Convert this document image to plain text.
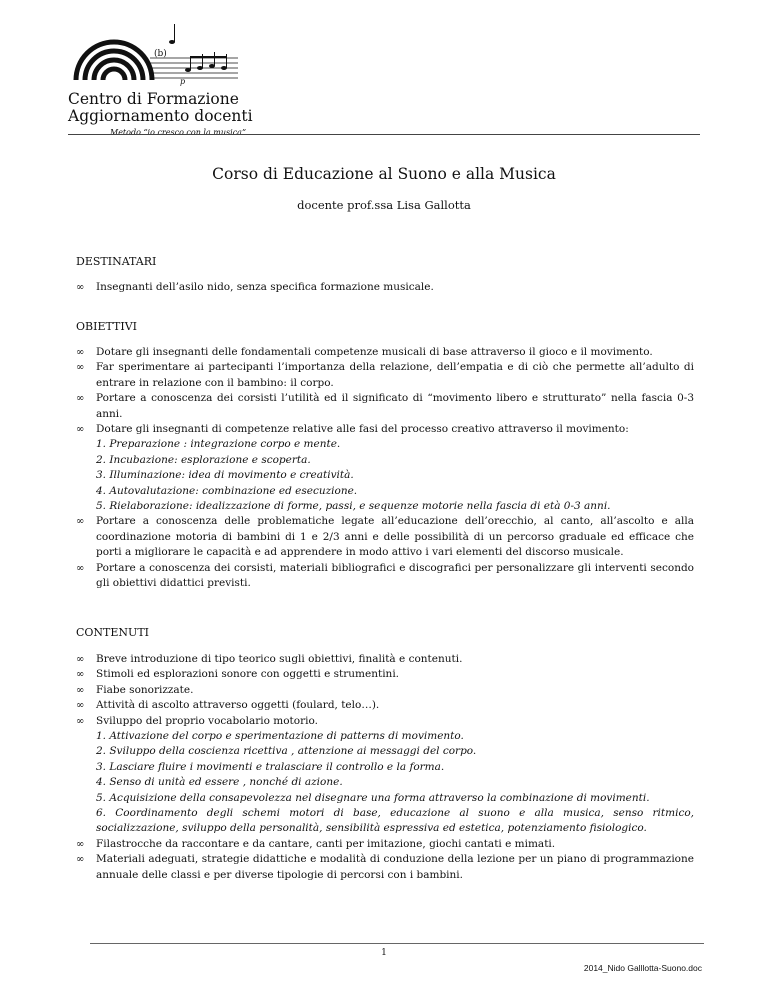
(b)
p
Centro di Formazione
Aggiornamento docenti
Metodo “io cresco con la musica”
Corso di Educazione al Suono e alla Musica
docente prof.ssa Lisa Gallotta
DESTINATARI
∞ Insegnanti dell’asilo nido, senza specifica formazione musicale.
OBIETTIVI
∞ Dotare gli insegnanti delle fondamentali competenze musicali di base attraverso il gioco e il movimento.
∞ Far sperimentare ai partecipanti l’importanza della relazione, dell’empatia e di ciò che permette all’adulto di entrare in relazione con il bambino: il corpo.
∞ Portare a conoscenza dei corsisti l’utilità ed il significato di “movimento libero e strutturato” nella fascia 0-3 anni.
∞ Dotare gli insegnanti di competenze relative alle fasi del processo creativo attraverso il movimento:
1. Preparazione : integrazione corpo e mente.
2. Incubazione: esplorazione e scoperta.
3. Illuminazione: idea di movimento e creatività.
4. Autovalutazione: combinazione ed esecuzione.
5. Rielaborazione: idealizzazione di forme, passi, e sequenze motorie nella fascia di età 0-3 anni.
∞ Portare a conoscenza delle problematiche legate all’educazione dell’orecchio, al canto, all’ascolto e alla coordinazione motoria di bambini di 1 e 2/3 anni e delle possibilità di un percorso graduale ed efficace che porti a migliorare le capacità e ad apprendere in modo attivo i vari elementi del discorso musicale.
∞ Portare a conoscenza dei corsisti, materiali bibliografici e discografici per personalizzare gli interventi secondo gli obiettivi didattici previsti.
CONTENUTI
∞ Breve introduzione di tipo teorico sugli obiettivi, finalità e contenuti.
∞ Stimoli ed esplorazioni sonore con oggetti e strumentini.
∞ Fiabe sonorizzate.
∞ Attività di ascolto attraverso oggetti (foulard, telo…).
∞ Sviluppo del proprio vocabolario motorio.
1. Attivazione del corpo e sperimentazione di patterns di movimento.
2. Sviluppo della coscienza ricettiva , attenzione ai messaggi del corpo.
3. Lasciare fluire i movimenti e tralasciare il controllo e la forma.
4. Senso di unità ed essere , nonché di azione.
5. Acquisizione della consapevolezza nel disegnare una forma attraverso la combinazione di movimenti.
6. Coordinamento degli schemi motori di base, educazione al suono e alla musica, senso ritmico, socializzazione, sviluppo della personalità, sensibilità espressiva ed estetica, potenziamento fisiologico.
∞ Filastrocche da raccontare e da cantare, canti per imitazione, giochi cantati e mimati.
∞ Materiali adeguati, strategie didattiche e modalità di conduzione della lezione per un piano di programmazione annuale delle classi e per diverse tipologie di percorsi con i bambini.
1
2014_Nido Galllotta-Suono.doc
